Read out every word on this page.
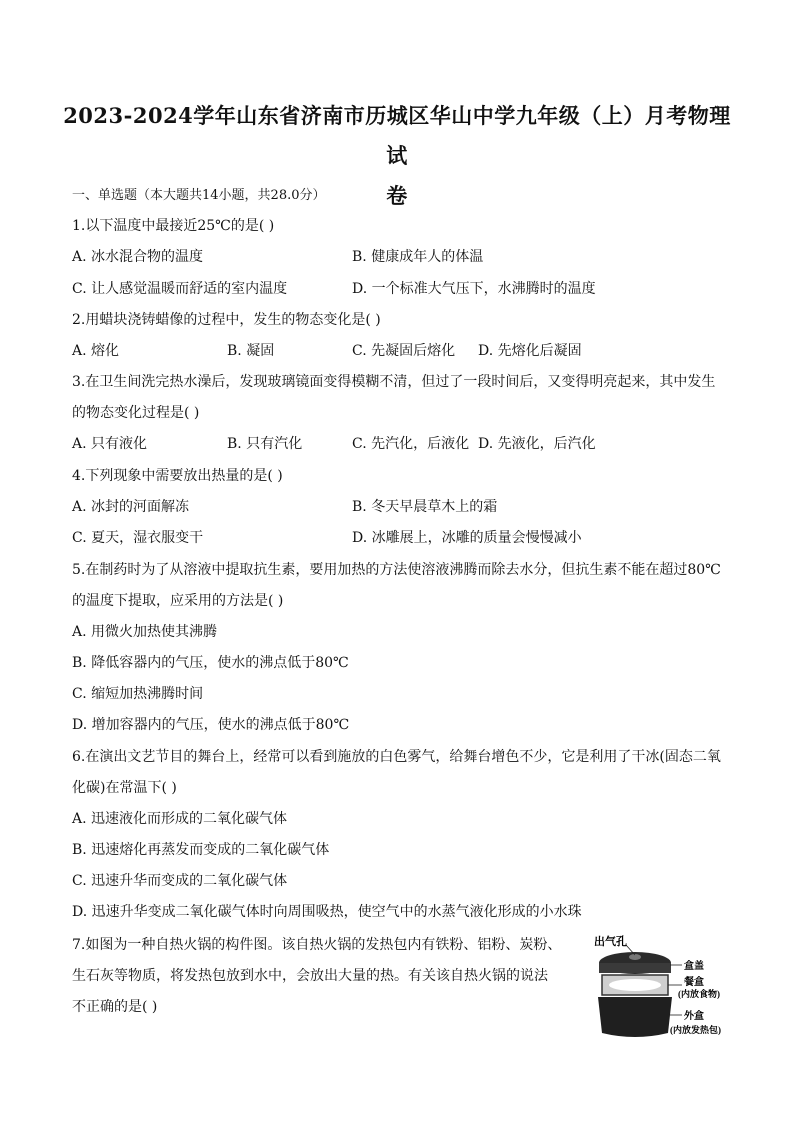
2023-2024学年山东省济南市历城区华山中学九年级（上）月考物理试
卷
一、单选题（本大题共14小题，共28.0分）
1.以下温度中最接近25℃的是( )
A. 冰水混合物的温度	B. 健康成年人的体温
C. 让人感觉温暖而舒适的室内温度	D. 一个标准大气压下，水沸腾时的温度
2.用蜡块浇铸蜡像的过程中，发生的物态变化是( )
A. 熔化	B. 凝固	C. 先凝固后熔化 D. 先熔化后凝固
3.在卫生间洗完热水澡后，发现玻璃镜面变得模糊不清，但过了一段时间后，又变得明亮起来，其中发生
的物态变化过程是( )
A. 只有液化	B. 只有汽化	C. 先汽化，后液化 D. 先液化，后汽化
4.下列现象中需要放出热量的是( )
A. 冰封的河面解冻	B. 冬天早晨草木上的霜
C. 夏天，湿衣服变干	D. 冰雕展上，冰雕的质量会慢慢减小
5.在制药时为了从溶液中提取抗生素，要用加热的方法使溶液沸腾而除去水分，但抗生素不能在超过80℃
的温度下提取，应采用的方法是( )
A. 用微火加热使其沸腾
B. 降低容器内的气压，使水的沸点低于80℃
C. 缩短加热沸腾时间
D. 增加容器内的气压，使水的沸点低于80℃
6.在演出文艺节目的舞台上，经常可以看到施放的白色雾气，给舞台增色不少，它是利用了干冰(固态二氧
化碳)在常温下( )
A. 迅速液化而形成的二氧化碳气体
B. 迅速熔化再蒸发而变成的二氧化碳气体
C. 迅速升华而变成的二氧化碳气体
D. 迅速升华变成二氧化碳气体时向周围吸热，使空气中的水蒸气液化形成的小水珠
7.如图为一种自热火锅的构件图。该自热火锅的发热包内有铁粉、铝粉、炭粉、
生石灰等物质，将发热包放到水中，会放出大量的热。有关该自热火锅的说法
不正确的是( )
出气孔
盒盖
餐盒
(内放食物)
外盒
(内放发热包)
